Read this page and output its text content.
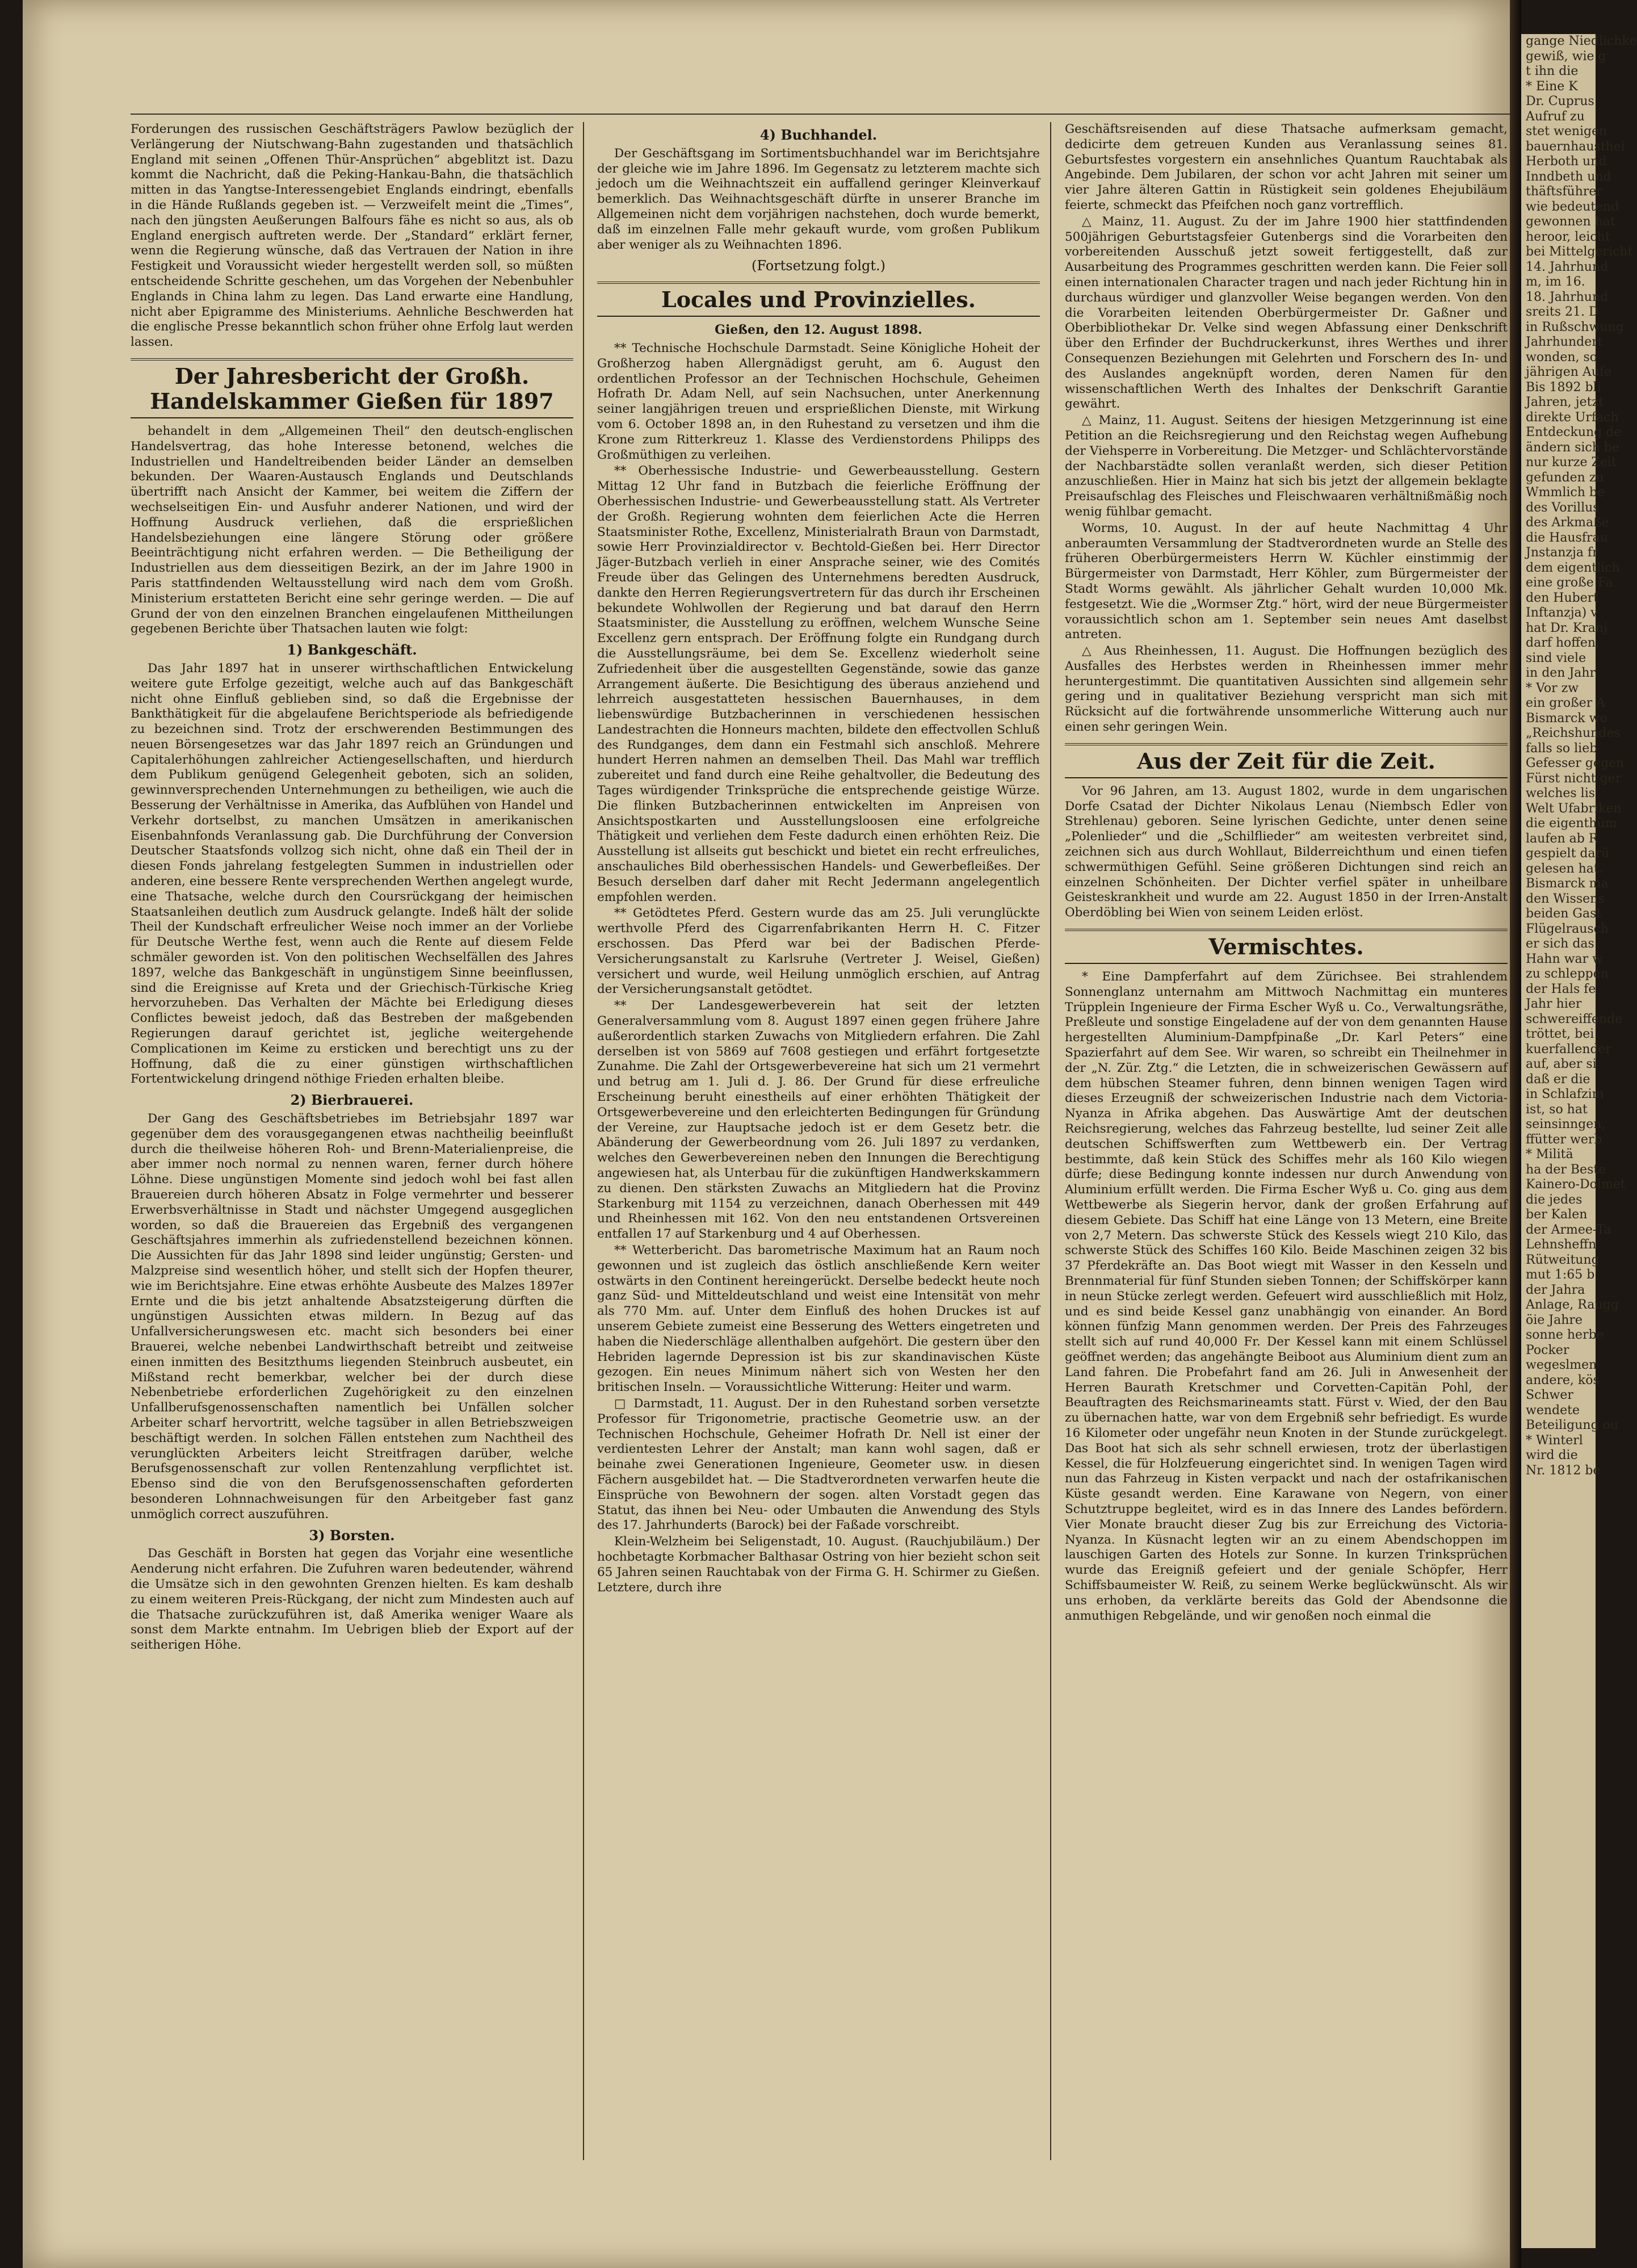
Forderungen des russischen Geschäftsträgers Pawlow bezüglich der Verlängerung der Niutschwang-Bahn zugestanden und thatsächlich England mit seinen „Offenen Thür-Ansprüchen“ abgeblitzt ist. Dazu kommt die Nachricht, daß die Peking-Hankau-Bahn, die thatsächlich mitten in das Yangtse-Interessengebiet Englands eindringt, ebenfalls in die Hände Rußlands gegeben ist. — Verzweifelt meint die „Times“, nach den jüngsten Aeußerungen Balfours fähe es nicht so aus, als ob England energisch auftreten werde. Der „Standard“ erklärt ferner, wenn die Regierung wünsche, daß das Vertrauen der Nation in ihre Festigkeit und Voraussicht wieder hergestellt werden soll, so müßten entscheidende Schritte geschehen, um das Vorgehen der Nebenbuhler Englands in China lahm zu legen. Das Land erwarte eine Handlung, nicht aber Epigramme des Ministeriums. Aehnliche Beschwerden hat die englische Presse bekanntlich schon früher ohne Erfolg laut werden lassen.

Der Jahresbericht der Großh. Handelskammer Gießen für 1897

behandelt in dem „Allgemeinen Theil“ den deutsch-englischen Handelsvertrag, das hohe Interesse betonend, welches die Industriellen und Handeltreibenden beider Länder an demselben bekunden. Der Waaren-Austausch Englands und Deutschlands übertrifft nach Ansicht der Kammer, bei weitem die Ziffern der wechselseitigen Ein- und Ausfuhr anderer Nationen, und wird der Hoffnung Ausdruck verliehen, daß die ersprießlichen Handelsbeziehungen eine längere Störung oder größere Beeinträchtigung nicht erfahren werden. — Die Betheiligung der Industriellen aus dem diesseitigen Bezirk, an der im Jahre 1900 in Paris stattfindenden Weltausstellung wird nach dem vom Großh. Ministerium erstatteten Bericht eine sehr geringe werden. — Die auf Grund der von den einzelnen Branchen eingelaufenen Mittheilungen gegebenen Berichte über Thatsachen lauten wie folgt:

1) Bankgeschäft.

Das Jahr 1897 hat in unserer wirthschaftlichen Entwickelung weitere gute Erfolge gezeitigt, welche auch auf das Bankgeschäft nicht ohne Einfluß geblieben sind, so daß die Ergebnisse der Bankthätigkeit für die abgelaufene Berichtsperiode als befriedigende zu bezeichnen sind. Trotz der erschwerenden Bestimmungen des neuen Börsengesetzes war das Jahr 1897 reich an Gründungen und Capitalerhöhungen zahlreicher Actiengesellschaften, und hierdurch dem Publikum genügend Gelegenheit geboten, sich an soliden, gewinnversprechenden Unternehmungen zu betheiligen, wie auch die Besserung der Verhältnisse in Amerika, das Aufblühen von Handel und Verkehr dortselbst, zu manchen Umsätzen in amerikanischen Eisenbahnfonds Veranlassung gab. Die Durchführung der Conversion Deutscher Staatsfonds vollzog sich nicht, ohne daß ein Theil der in diesen Fonds jahrelang festgelegten Summen in industriellen oder anderen, eine bessere Rente versprechenden Werthen angelegt wurde, eine Thatsache, welche durch den Coursrückgang der heimischen Staatsanleihen deutlich zum Ausdruck gelangte. Indeß hält der solide Theil der Kundschaft erfreulicher Weise noch immer an der Vorliebe für Deutsche Werthe fest, wenn auch die Rente auf diesem Felde schmäler geworden ist. Von den politischen Wechselfällen des Jahres 1897, welche das Bankgeschäft in ungünstigem Sinne beeinflussen, sind die Ereignisse auf Kreta und der Griechisch-Türkische Krieg hervorzuheben. Das Verhalten der Mächte bei Erledigung dieses Conflictes beweist jedoch, daß das Bestreben der maßgebenden Regierungen darauf gerichtet ist, jegliche weitergehende Complicationen im Keime zu ersticken und berechtigt uns zu der Hoffnung, daß die zu einer günstigen wirthschaftlichen Fortentwickelung dringend nöthige Frieden erhalten bleibe.

2) Bierbrauerei.

Der Gang des Geschäftsbetriebes im Betriebsjahr 1897 war gegenüber dem des vorausgegangenen etwas nachtheilig beeinflußt durch die theilweise höheren Roh- und Brenn-Materialienpreise, die aber immer noch normal zu nennen waren, ferner durch höhere Löhne. Diese ungünstigen Momente sind jedoch wohl bei fast allen Brauereien durch höheren Absatz in Folge vermehrter und besserer Erwerbsverhältnisse in Stadt und nächster Umgegend ausgeglichen worden, so daß die Brauereien das Ergebniß des vergangenen Geschäftsjahres immerhin als zufriedenstellend bezeichnen können. Die Aussichten für das Jahr 1898 sind leider ungünstig; Gersten- und Malzpreise sind wesentlich höher, und stellt sich der Hopfen theurer, wie im Berichtsjahre. Eine etwas erhöhte Ausbeute des Malzes 1897er Ernte und die bis jetzt anhaltende Absatzsteigerung dürften die ungünstigen Aussichten etwas mildern. In Bezug auf das Unfallversicherungswesen etc. macht sich besonders bei einer Brauerei, welche nebenbei Landwirthschaft betreibt und zeitweise einen inmitten des Besitzthums liegenden Steinbruch ausbeutet, ein Mißstand recht bemerkbar, welcher bei der durch diese Nebenbetriebe erforderlichen Zugehörigkeit zu den einzelnen Unfallberufsgenossenschaften namentlich bei Unfällen solcher Arbeiter scharf hervortritt, welche tagsüber in allen Betriebszweigen beschäftigt werden. In solchen Fällen entstehen zum Nachtheil des verunglückten Arbeiters leicht Streitfragen darüber, welche Berufsgenossenschaft zur vollen Rentenzahlung verpflichtet ist. Ebenso sind die von den Berufsgenossenschaften geforderten besonderen Lohnnachweisungen für den Arbeitgeber fast ganz unmöglich correct auszuführen.

3) Borsten.

Das Geschäft in Borsten hat gegen das Vorjahr eine wesentliche Aenderung nicht erfahren. Die Zufuhren waren bedeutender, während die Umsätze sich in den gewohnten Grenzen hielten. Es kam deshalb zu einem weiteren Preis-Rückgang, der nicht zum Mindesten auch auf die Thatsache zurückzuführen ist, daß Amerika weniger Waare als sonst dem Markte entnahm. Im Uebrigen blieb der Export auf der seitherigen Höhe.

4) Buchhandel.

Der Geschäftsgang im Sortimentsbuchhandel war im Berichtsjahre der gleiche wie im Jahre 1896. Im Gegensatz zu letzterem machte sich jedoch um die Weihnachtszeit ein auffallend geringer Kleinverkauf bemerklich. Das Weihnachtsgeschäft dürfte in unserer Branche im Allgemeinen nicht dem vorjährigen nachstehen, doch wurde bemerkt, daß im einzelnen Falle mehr gekauft wurde, vom großen Publikum aber weniger als zu Weihnachten 1896.

(Fortsetzung folgt.)
Locales und Provinzielles.
Gießen, den 12. August 1898.

** Technische Hochschule Darmstadt. Seine Königliche Hoheit der Großherzog haben Allergnädigst geruht, am 6. August den ordentlichen Professor an der Technischen Hochschule, Geheimen Hofrath Dr. Adam Nell, auf sein Nachsuchen, unter Anerkennung seiner langjährigen treuen und ersprießlichen Dienste, mit Wirkung vom 6. October 1898 an, in den Ruhestand zu versetzen und ihm die Krone zum Ritterkreuz 1. Klasse des Verdienstordens Philipps des Großmüthigen zu verleihen.

** Oberhessische Industrie- und Gewerbeausstellung. Gestern Mittag 12 Uhr fand in Butzbach die feierliche Eröffnung der Oberhessischen Industrie- und Gewerbeausstellung statt. Als Vertreter der Großh. Regierung wohnten dem feierlichen Acte die Herren Staatsminister Rothe, Excellenz, Ministerialrath Braun von Darmstadt, sowie Herr Provinzialdirector v. Bechtold-Gießen bei. Herr Director Jäger-Butzbach verlieh in einer Ansprache seiner, wie des Comités Freude über das Gelingen des Unternehmens beredten Ausdruck, dankte den Herren Regierungsvertretern für das durch ihr Erscheinen bekundete Wohlwollen der Regierung und bat darauf den Herrn Staatsminister, die Ausstellung zu eröffnen, welchem Wunsche Seine Excellenz gern entsprach. Der Eröffnung folgte ein Rundgang durch die Ausstellungsräume, bei dem Se. Excellenz wiederholt seine Zufriedenheit über die ausgestellten Gegenstände, sowie das ganze Arrangement äußerte. Die Besichtigung des überaus anziehend und lehrreich ausgestatteten hessischen Bauernhauses, in dem liebenswürdige Butzbacherinnen in verschiedenen hessischen Landestrachten die Honneurs machten, bildete den effectvollen Schluß des Rundganges, dem dann ein Festmahl sich anschloß. Mehrere hundert Herren nahmen an demselben Theil. Das Mahl war trefflich zubereitet und fand durch eine Reihe gehaltvoller, die Bedeutung des Tages würdigender Trinksprüche die entsprechende geistige Würze. Die flinken Butzbacherinnen entwickelten im Anpreisen von Ansichtspostkarten und Ausstellungsloosen eine erfolgreiche Thätigkeit und verliehen dem Feste dadurch einen erhöhten Reiz. Die Ausstellung ist allseits gut beschickt und bietet ein recht erfreuliches, anschauliches Bild oberhessischen Handels- und Gewerbefleißes. Der Besuch derselben darf daher mit Recht Jedermann angelegentlich empfohlen werden.

** Getödtetes Pferd. Gestern wurde das am 25. Juli verunglückte werthvolle Pferd des Cigarrenfabrikanten Herrn H. C. Fitzer erschossen. Das Pferd war bei der Badischen Pferde-Versicherungsanstalt zu Karlsruhe (Vertreter J. Weisel, Gießen) versichert und wurde, weil Heilung unmöglich erschien, auf Antrag der Versicherungsanstalt getödtet.

** Der Landesgewerbeverein hat seit der letzten Generalversammlung vom 8. August 1897 einen gegen frühere Jahre außerordentlich starken Zuwachs von Mitgliedern erfahren. Die Zahl derselben ist von 5869 auf 7608 gestiegen und erfährt fortgesetzte Zunahme. Die Zahl der Ortsgewerbevereine hat sich um 21 vermehrt und betrug am 1. Juli d. J. 86. Der Grund für diese erfreuliche Erscheinung beruht einestheils auf einer erhöhten Thätigkeit der Ortsgewerbevereine und den erleichterten Bedingungen für Gründung der Vereine, zur Hauptsache jedoch ist er dem Gesetz betr. die Abänderung der Gewerbeordnung vom 26. Juli 1897 zu verdanken, welches den Gewerbevereinen neben den Innungen die Berechtigung angewiesen hat, als Unterbau für die zukünftigen Handwerkskammern zu dienen. Den stärksten Zuwachs an Mitgliedern hat die Provinz Starkenburg mit 1154 zu verzeichnen, danach Oberhessen mit 449 und Rheinhessen mit 162. Von den neu entstandenen Ortsvereinen entfallen 17 auf Starkenburg und 4 auf Oberhessen.

** Wetterbericht. Das barometrische Maximum hat an Raum noch gewonnen und ist zugleich das östlich anschließende Kern weiter ostwärts in den Continent hereingerückt. Derselbe bedeckt heute noch ganz Süd- und Mitteldeutschland und weist eine Intensität von mehr als 770 Mm. auf. Unter dem Einfluß des hohen Druckes ist auf unserem Gebiete zumeist eine Besserung des Wetters eingetreten und haben die Niederschläge allenthalben aufgehört. Die gestern über den Hebriden lagernde Depression ist bis zur skandinavischen Küste gezogen. Ein neues Minimum nähert sich von Westen her den britischen Inseln. — Voraussichtliche Witterung: Heiter und warm.

□ Darmstadt, 11. August. Der in den Ruhestand sorben versetzte Professor für Trigonometrie, practische Geometrie usw. an der Technischen Hochschule, Geheimer Hofrath Dr. Nell ist einer der verdientesten Lehrer der Anstalt; man kann wohl sagen, daß er beinahe zwei Generationen Ingenieure, Geometer usw. in diesen Fächern ausgebildet hat. — Die Stadtverordneten verwarfen heute die Einsprüche von Bewohnern der sogen. alten Vorstadt gegen das Statut, das ihnen bei Neu- oder Umbauten die Anwendung des Styls des 17. Jahrhunderts (Barock) bei der Faßade vorschreibt.

Klein-Welzheim bei Seligenstadt, 10. August. (Rauchjubiläum.) Der hochbetagte Korbmacher Balthasar Ostring von hier bezieht schon seit 65 Jahren seinen Rauchtabak von der Firma G. H. Schirmer zu Gießen. Letztere, durch ihre

Geschäftsreisenden auf diese Thatsache aufmerksam gemacht, dedicirte dem getreuen Kunden aus Veranlassung seines 81. Geburtsfestes vorgestern ein ansehnliches Quantum Rauchtabak als Angebinde. Dem Jubilaren, der schon vor acht Jahren mit seiner um vier Jahre älteren Gattin in Rüstigkeit sein goldenes Ehejubiläum feierte, schmeckt das Pfeifchen noch ganz vortrefflich.

△ Mainz, 11. August. Zu der im Jahre 1900 hier stattfindenden 500jährigen Geburtstagsfeier Gutenbergs sind die Vorarbeiten den vorbereitenden Ausschuß jetzt soweit fertiggestellt, daß zur Ausarbeitung des Programmes geschritten werden kann. Die Feier soll einen internationalen Character tragen und nach jeder Richtung hin in durchaus würdiger und glanzvoller Weise begangen werden. Von den die Vorarbeiten leitenden Oberbürgermeister Dr. Gaßner und Oberbibliothekar Dr. Velke sind wegen Abfassung einer Denkschrift über den Erfinder der Buchdruckerkunst, ihres Werthes und ihrer Consequenzen Beziehungen mit Gelehrten und Forschern des In- und des Auslandes angeknüpft worden, deren Namen für den wissenschaftlichen Werth des Inhaltes der Denkschrift Garantie gewährt.

△ Mainz, 11. August. Seitens der hiesigen Metzgerinnung ist eine Petition an die Reichsregierung und den Reichstag wegen Aufhebung der Viehsperre in Vorbereitung. Die Metzger- und Schlächtervorstände der Nachbarstädte sollen veranlaßt werden, sich dieser Petition anzuschließen. Hier in Mainz hat sich bis jetzt der allgemein beklagte Preisaufschlag des Fleisches und Fleischwaaren verhältnißmäßig noch wenig fühlbar gemacht.

Worms, 10. August. In der auf heute Nachmittag 4 Uhr anberaumten Versammlung der Stadtverordneten wurde an Stelle des früheren Oberbürgermeisters Herrn W. Küchler einstimmig der Bürgermeister von Darmstadt, Herr Köhler, zum Bürgermeister der Stadt Worms gewählt. Als jährlicher Gehalt wurden 10,000 Mk. festgesetzt. Wie die „Wormser Ztg.“ hört, wird der neue Bürgermeister voraussichtlich schon am 1. September sein neues Amt daselbst antreten.

△ Aus Rheinhessen, 11. August. Die Hoffnungen bezüglich des Ausfalles des Herbstes werden in Rheinhessen immer mehr heruntergestimmt. Die quantitativen Aussichten sind allgemein sehr gering und in qualitativer Beziehung verspricht man sich mit Rücksicht auf die fortwährende unsommerliche Witterung auch nur einen sehr geringen Wein.

Aus der Zeit für die Zeit.

Vor 96 Jahren, am 13. August 1802, wurde in dem ungarischen Dorfe Csatad der Dichter Nikolaus Lenau (Niembsch Edler von Strehlenau) geboren. Seine lyrischen Gedichte, unter denen seine „Polenlieder“ und die „Schilflieder“ am weitesten verbreitet sind, zeichnen sich aus durch Wohllaut, Bilderreichthum und einen tiefen schwermüthigen Gefühl. Seine größeren Dichtungen sind reich an einzelnen Schönheiten. Der Dichter verfiel später in unheilbare Geisteskrankheit und wurde am 22. August 1850 in der Irren-Anstalt Oberdöbling bei Wien von seinem Leiden erlöst.

Vermischtes.

* Eine Dampferfahrt auf dem Zürichsee. Bei strahlendem Sonnenglanz unternahm am Mittwoch Nachmittag ein munteres Trüpplein Ingenieure der Firma Escher Wyß u. Co., Verwaltungsräthe, Preßleute und sonstige Eingeladene auf der von dem genannten Hause hergestellten Aluminium-Dampfpinaße „Dr. Karl Peters“ eine Spazierfahrt auf dem See. Wir waren, so schreibt ein Theilnehmer in der „N. Zür. Ztg.“ die Letzten, die in schweizerischen Gewässern auf dem hübschen Steamer fuhren, denn binnen wenigen Tagen wird dieses Erzeugniß der schweizerischen Industrie nach dem Victoria-Nyanza in Afrika abgehen. Das Auswärtige Amt der deutschen Reichsregierung, welches das Fahrzeug bestellte, lud seiner Zeit alle deutschen Schiffswerften zum Wettbewerb ein. Der Vertrag bestimmte, daß kein Stück des Schiffes mehr als 160 Kilo wiegen dürfe; diese Bedingung konnte indessen nur durch Anwendung von Aluminium erfüllt werden. Die Firma Escher Wyß u. Co. ging aus dem Wettbewerbe als Siegerin hervor, dank der großen Erfahrung auf diesem Gebiete. Das Schiff hat eine Länge von 13 Metern, eine Breite von 2,7 Metern. Das schwerste Stück des Kessels wiegt 210 Kilo, das schwerste Stück des Schiffes 160 Kilo. Beide Maschinen zeigen 32 bis 37 Pferdekräfte an. Das Boot wiegt mit Wasser in den Kesseln und Brennmaterial für fünf Stunden sieben Tonnen; der Schiffskörper kann in neun Stücke zerlegt werden. Gefeuert wird ausschließlich mit Holz, und es sind beide Kessel ganz unabhängig von einander. An Bord können fünfzig Mann genommen werden. Der Preis des Fahrzeuges stellt sich auf rund 40,000 Fr. Der Kessel kann mit einem Schlüssel geöffnet werden; das angehängte Beiboot aus Aluminium dient zum an Land fahren. Die Probefahrt fand am 26. Juli in Anwesenheit der Herren Baurath Kretschmer und Corvetten-Capitän Pohl, der Beauftragten des Reichsmarineamts statt. Fürst v. Wied, der den Bau zu übernachen hatte, war von dem Ergebniß sehr befriedigt. Es wurde 16 Kilometer oder ungefähr neun Knoten in der Stunde zurückgelegt. Das Boot hat sich als sehr schnell erwiesen, trotz der überlastigen Kessel, die für Holzfeuerung eingerichtet sind. In wenigen Tagen wird nun das Fahrzeug in Kisten verpackt und nach der ostafrikanischen Küste gesandt werden. Eine Karawane von Negern, von einer Schutztruppe begleitet, wird es in das Innere des Landes befördern. Vier Monate braucht dieser Zug bis zur Erreichung des Victoria-Nyanza. In Küsnacht legten wir an zu einem Abendschoppen im lauschigen Garten des Hotels zur Sonne. In kurzen Trinksprüchen wurde das Ereigniß gefeiert und der geniale Schöpfer, Herr Schiffsbaumeister W. Reiß, zu seinem Werke beglückwünscht. Als wir uns erhoben, da verklärte bereits das Gold der Abendsonne die anmuthigen Rebgelände, und wir genoßen noch einmal die

gange Niedlichke

gewiß, wie g

t ihn die

* Eine K

Dr. Cuprus

Aufruf zu

stet wenigen

bauernhausthei

Herboth und

Inndbeth und

thäftsführer

wie bedeutend

gewonnen hat

heroor, leicht

bei Mittelgericht

14. Jahrhund

m, im 16.

18. Jahrhund

sreits 21. D

in Rußschwung

Jahrhundert

wonden, so

jährigen Aufe

Bis 1892 bli

Jahren, jetzt

direkte Urfach

Entdeckung de

ändern sich be

nur kurze Zeit

gefunden zu

Wmmlich be

des Vorillus

des Arkmaße

die Hausfrau

Jnstanzja fr

dem eigentlich

eine große Fa

den Hubert

Inftanzja) v

hat Dr. Kranj

darf hoffen,

sind viele

in den Jahr

* Vor zw

ein großer A

Bismarck wo

„Reichshundes

falls so lieb

Gefesser gegen

Fürst nicht ger

welches lis

Welt Ufabriken

die eigenthüm

laufen ab R

gespielt darü

gelesen hat.

Bismarck ma

den Wissens

beiden Gast

Flügelrausch

er sich das

Hahn war w

zu schleppen

der Hals fe

Jahr hier

schwereiffende

tröttet, bei

kuerfallender

auf, aber si

daß er die

in Schlafzim

ist, so hat

seinsinngen,

ffütter werb

* Militä

ha der Beste

Kainero-Dolmet

die jedes

ber Kalen

der Armee-Ta

Lehnsheffn

Rütweitung

mut 1:65 b

der Jahra

Anlage, Raugg

öie Jahre

sonne herbe

Pocker

wegeslmen

andere, kös

Schwer

wendete

Beteiligung ou

* Winterl

wird die

Nr. 1812 be
